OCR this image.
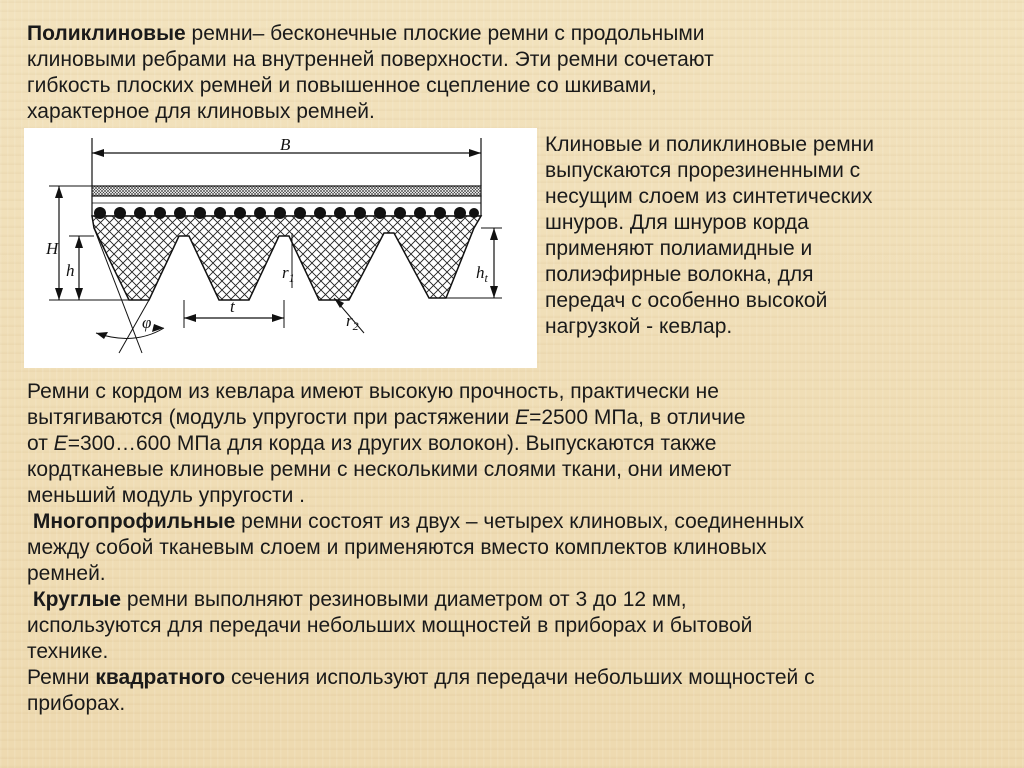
Поликлиновые ремни– бесконечные плоские ремни с продольными
клиновыми ребрами на внутренней поверхности. Эти ремни сочетают
гибкость плоских ремней и повышенное сцепление со шкивами,
характерное для клиновых ремней.
B
H
h
t
φ
$r_1$
$r_2$
$h_t$
Клиновые и поликлиновые ремни
выпускаются прорезиненными с
несущим слоем из синтетических
шнуров. Для шнуров корда
применяют полиамидные и
полиэфирные волокна, для
передач с особенно высокой
нагрузкой - кевлар.
Ремни с кордом из кевлара имеют высокую прочность, практически не
вытягиваются (модуль упругости при растяжении E=2500 МПа, в отличие
от E=300…600 МПа для корда из других волокон). Выпускаются также
кордтканевые клиновые ремни с несколькими слоями ткани, они имеют
меньший модуль упругости .
Многопрофильные ремни состоят из двух – четырех клиновых, соединенных
между собой тканевым слоем и применяются вместо комплектов клиновых
ремней.
Круглые ремни выполняют резиновыми диаметром от 3 до 12 мм,
используются для передачи небольших мощностей в приборах и бытовой
технике.
Ремни квадратного сечения используют для передачи небольших мощностей с
приборах.
